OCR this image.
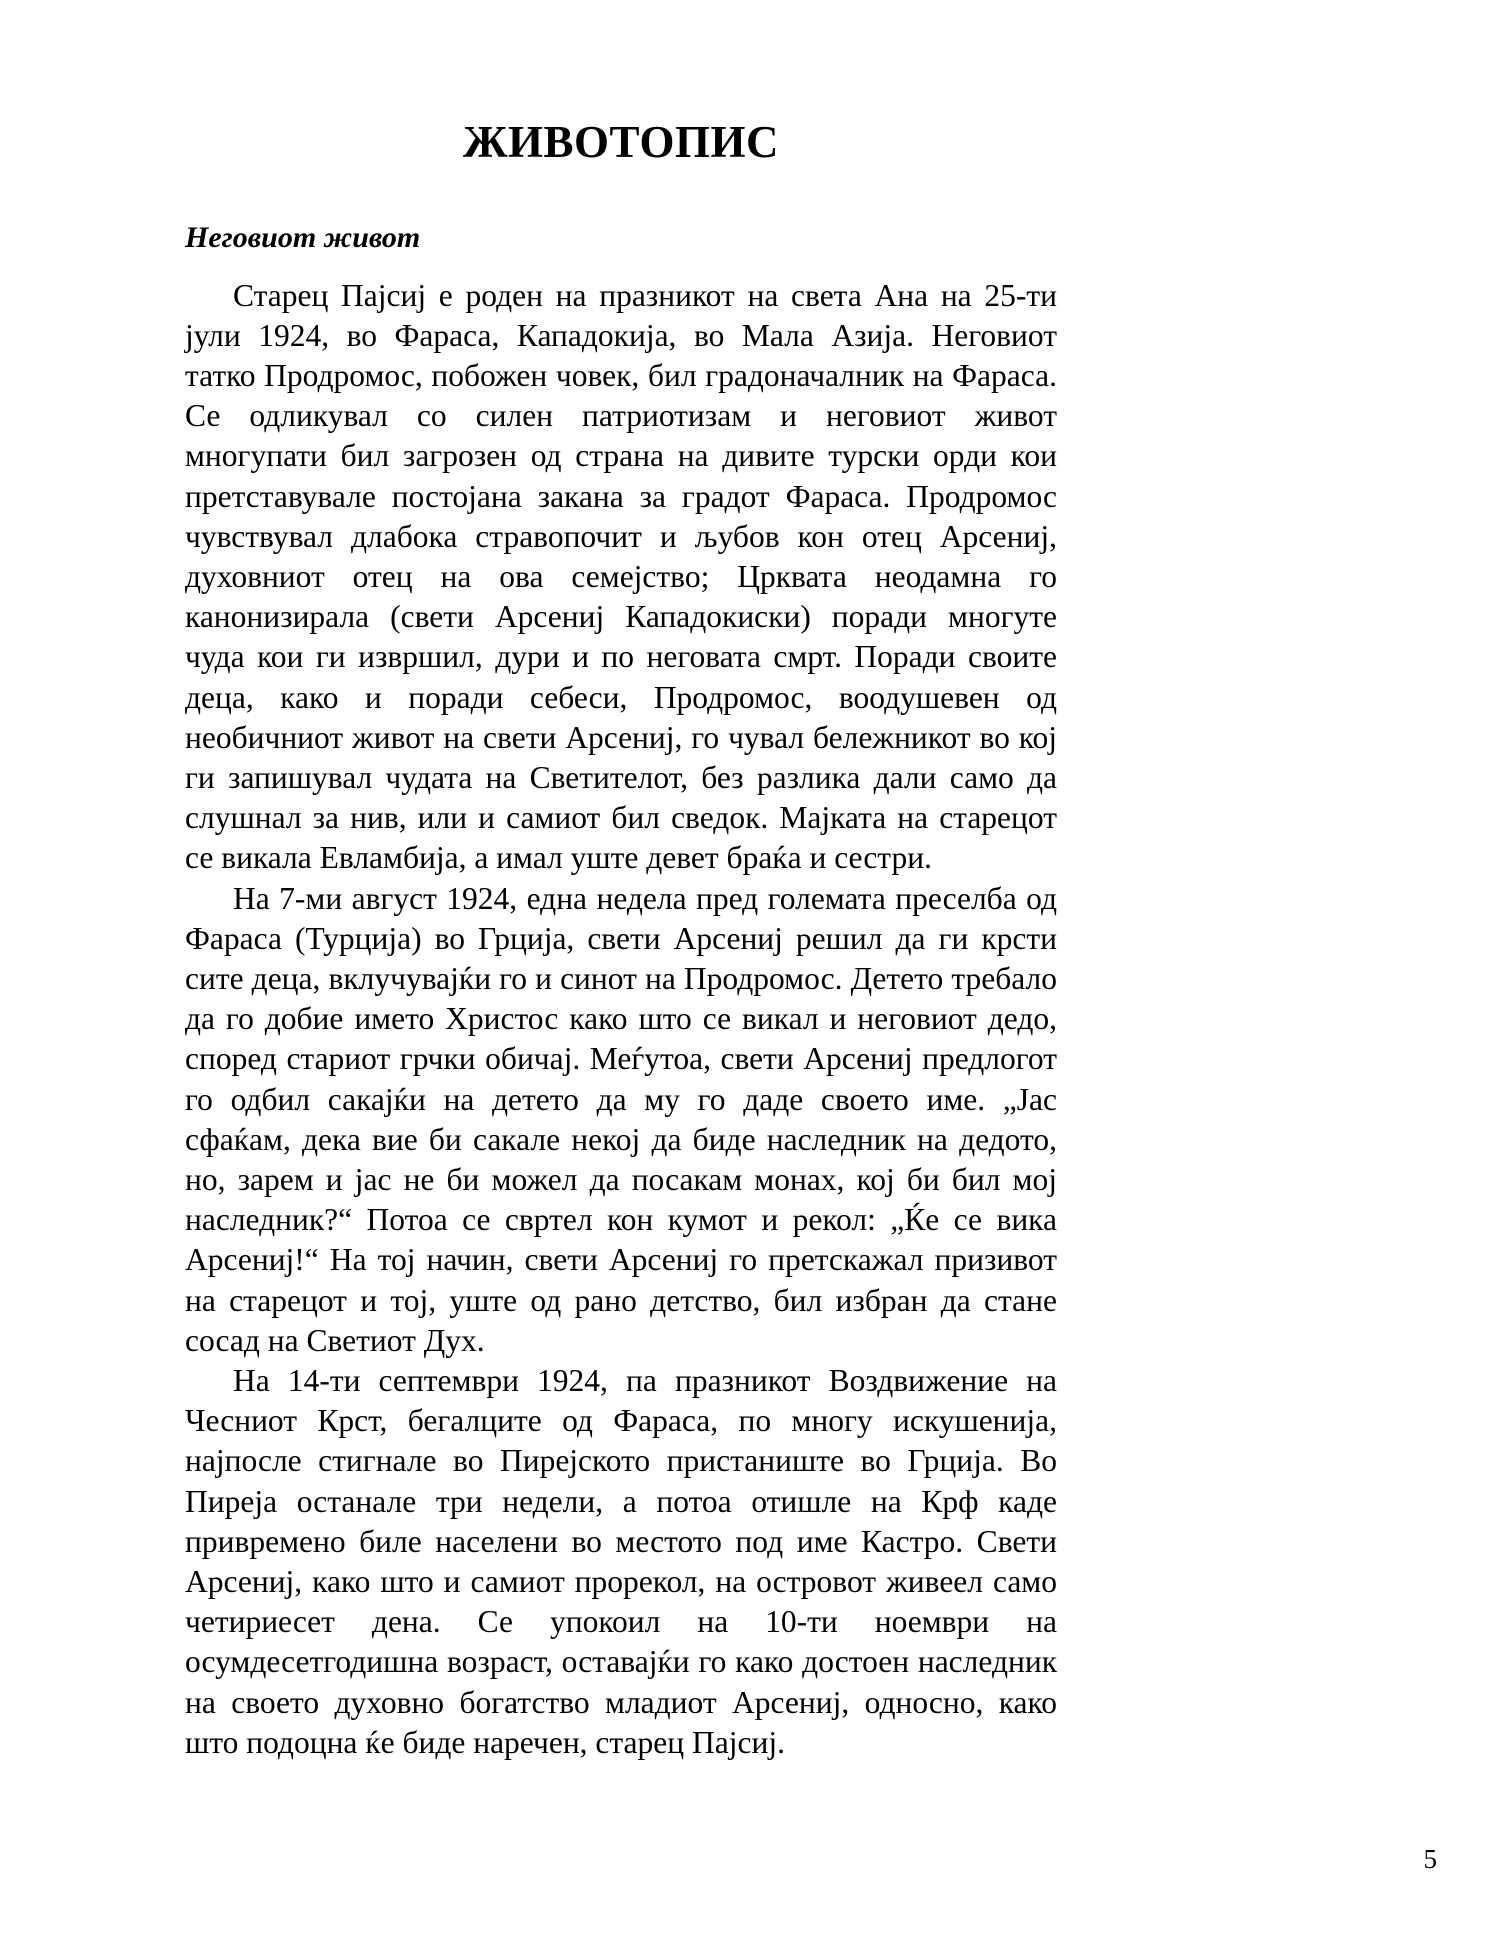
ЖИВОТОПИС
Неговиот живот

Старец Пајсиј е роден на празникот на света Ана на 25-ти јули 1924, во Фараса, Кападокија, во Мала Азија. Неговиот татко Продромос, побожен човек, бил градоначалник на Фараса. Се одликувал со силен патриотизам и неговиот живот многупати бил загрозен од страна на дивите турски орди кои претставувале постојана закана за градот Фараса. Продромос чувствувал длабока стравопочит и љубов кон отец Арсениј, духовниот отец на ова семејство; Црквата неодамна го канонизирала (свети Арсениј Кападокиски) поради многуте чуда кои ги извршил, дури и по неговата смрт. Поради своите деца, како и поради себеси, Продромос, воодушевен од необичниот живот на свети Арсениј, го чувал бележникот во кој ги запишувал чудата на Светителот, без разлика дали само да слушнал за нив, или и самиот бил сведок. Мајката на старецот се викала Евламбија, а имал уште девет браќа и сестри.

На 7-ми август 1924, една недела пред големата преселба од Фараса (Турција) во Грција, свети Арсениј решил да ги крсти сите деца, вклучувајќи го и синот на Продромос. Детето требало да го добие името Христос како што се викал и неговиот дедо, според стариот грчки обичај. Меѓутоа, свети Арсениј предлогот го одбил сакајќи на детето да му го даде своето име. „Јас сфаќам, дека вие би сакале некој да биде наследник на дедото, но, зарем и јас не би можел да посакам монах, кој би бил мој наследник?“ Потоа се свртел кон кумот и рекол: „Ќе се вика Арсениј!“ На тој начин, свети Арсениј го претскажал призивот на старецот и тој, уште од рано детство, бил избран да стане сосад на Светиот Дух.

На 14-ти септември 1924, па празникот Воздвижение на Чесниот Крст, бегалците од Фараса, по многу искушенија, најпосле стигнале во Пирејското пристаниште во Грција. Во Пиреја останале три недели, а потоа отишле на Крф каде привремено биле населени во местото под име Кастро. Свети Арсениј, како што и самиот прорекол, на островот живеел само четириесет дена. Се упокоил на 10-ти ноември на осумдесетгодишна возраст, оставајќи го како достоен наследник на своето духовно богатство младиот Арсениј, односно, како што подоцна ќе биде наречен, старец Пајсиј.

5
